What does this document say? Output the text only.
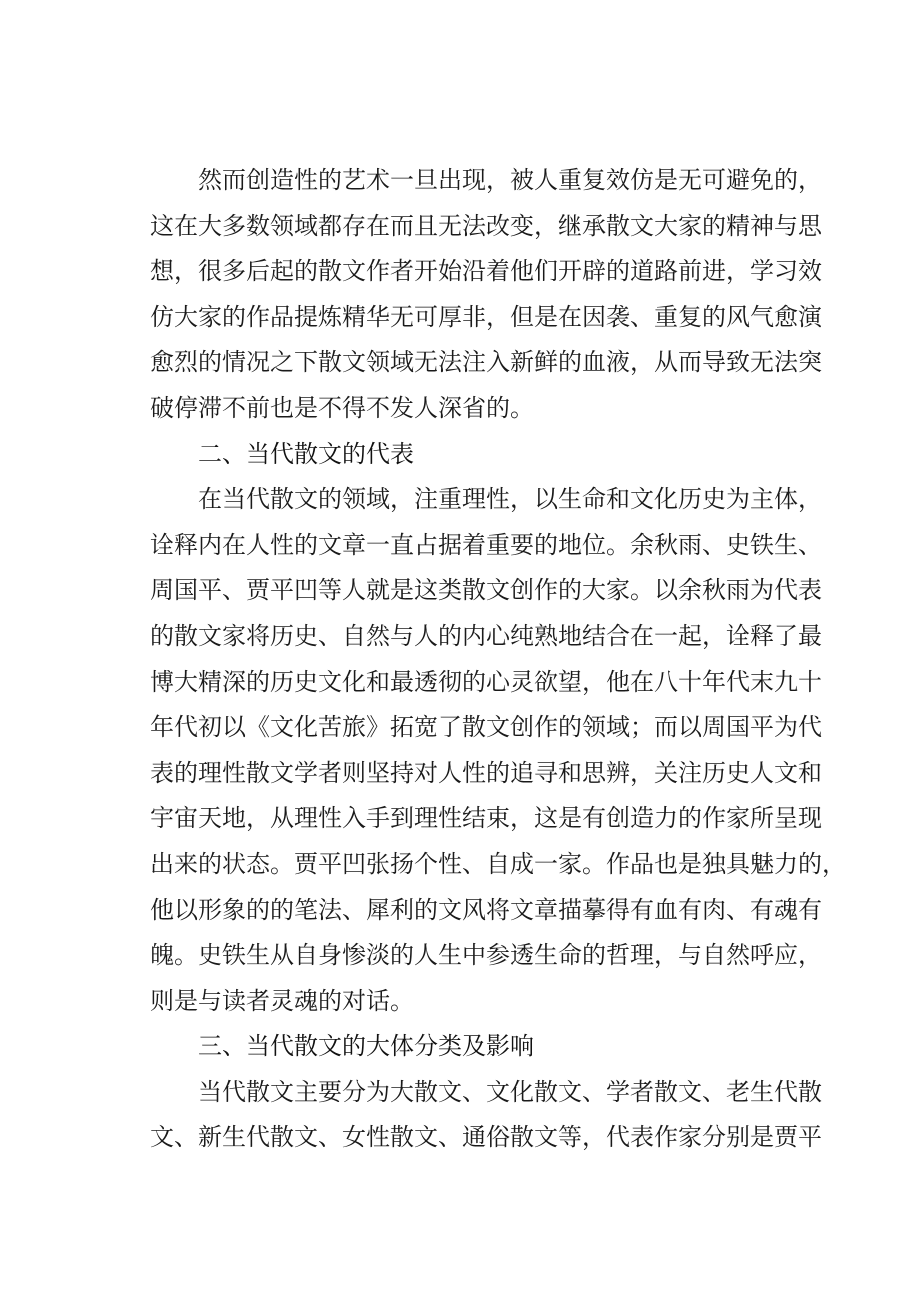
然而创造性的艺术一旦出现，被人重复效仿是无可避免的，
这在大多数领域都存在而且无法改变，继承散文大家的精神与思
想，很多后起的散文作者开始沿着他们开辟的道路前进，学习效
仿大家的作品提炼精华无可厚非，但是在因袭、重复的风气愈演
愈烈的情况之下散文领域无法注入新鲜的血液，从而导致无法突
破停滞不前也是不得不发人深省的。
二、当代散文的代表
在当代散文的领域，注重理性，以生命和文化历史为主体，
诠释内在人性的文章一直占据着重要的地位。余秋雨、史铁生、
周国平、贾平凹等人就是这类散文创作的大家。以余秋雨为代表
的散文家将历史、自然与人的内心纯熟地结合在一起，诠释了最
博大精深的历史文化和最透彻的心灵欲望，他在八十年代末九十
年代初以《文化苦旅》拓宽了散文创作的领域；而以周国平为代
表的理性散文学者则坚持对人性的追寻和思辨，关注历史人文和
宇宙天地，从理性入手到理性结束，这是有创造力的作家所呈现
出来的状态。贾平凹张扬个性、自成一家。作品也是独具魅力的，
他以形象的的笔法、犀利的文风将文章描摹得有血有肉、有魂有
魄。史铁生从自身惨淡的人生中参透生命的哲理，与自然呼应，
则是与读者灵魂的对话。
三、当代散文的大体分类及影响
当代散文主要分为大散文、文化散文、学者散文、老生代散
文、新生代散文、女性散文、通俗散文等，代表作家分别是贾平
